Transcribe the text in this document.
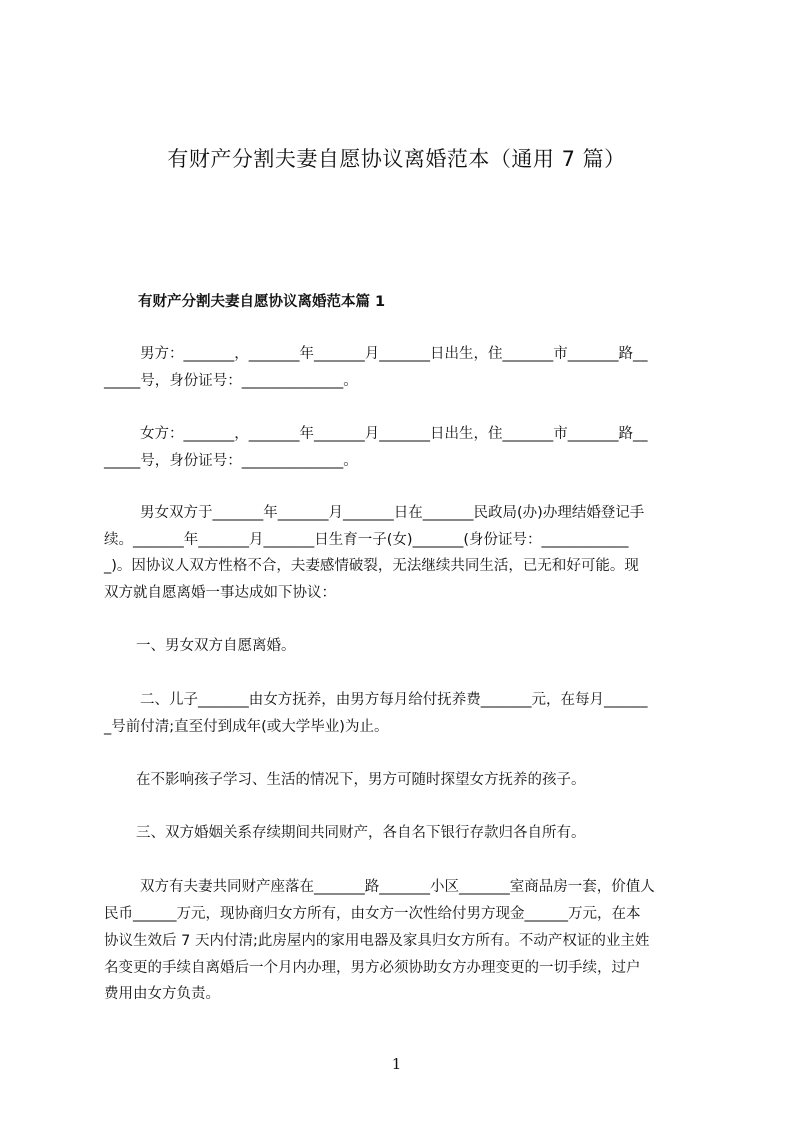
有财产分割夫妻自愿协议离婚范本（通用 7 篇）
有财产分割夫妻自愿协议离婚范本篇 1
男方：_______，_______年_______月_______日出生，住_______市_______路__
_____号，身份证号：______________。
女方：_______，_______年_______月_______日出生，住_______市_______路__
_____号，身份证号：______________。
男女双方于_______年_______月_______日在_______民政局(办)办理结婚登记手
续。_______年_______月_______日生育一子(女)_______(身份证号：____________
_)。因协议人双方性格不合，夫妻感情破裂，无法继续共同生活，已无和好可能。现
双方就自愿离婚一事达成如下协议：
一、男女双方自愿离婚。
二、儿子_______由女方抚养，由男方每月给付抚养费_______元，在每月______
_号前付清;直至付到成年(或大学毕业)为止。
在不影响孩子学习、生活的情况下，男方可随时探望女方抚养的孩子。
三、双方婚姻关系存续期间共同财产，各自名下银行存款归各自所有。
双方有夫妻共同财产座落在_______路_______小区_______室商品房一套，价值人
民币______万元，现协商归女方所有，由女方一次性给付男方现金______万元，在本
协议生效后 7 天内付清;此房屋内的家用电器及家具归女方所有。不动产权证的业主姓
名变更的手续自离婚后一个月内办理，男方必须协助女方办理变更的一切手续，过户
费用由女方负责。
1
